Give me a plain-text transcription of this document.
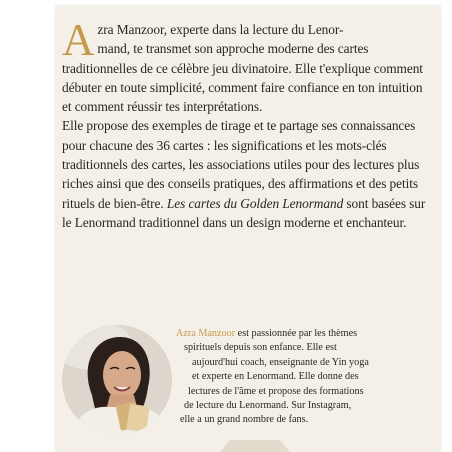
Azra Manzoor, experte dans la lecture du Lenor-
mand, te transmet son approche moderne des cartes traditionnelles de ce célèbre jeu divinatoire. Elle t'explique comment débuter en toute simplicité, comment faire confiance en ton intuition et comment réussir tes interprétations.

Elle propose des exemples de tirage et te partage ses connaissances pour chacune des 36 cartes : les significations et les mots-clés traditionnels des cartes, les associations utiles pour des lectures plus riches ainsi que des conseils pratiques, des affirmations et des petits rituels de bien-être. Les cartes du Golden Lenormand sont basées sur le Lenormand traditionnel dans un design moderne et enchanteur.

Azra Manzoor est passionnée par les thèmes
spirituels depuis son enfance. Elle est
aujourd'hui coach, enseignante de Yin yoga
et experte en Lenormand. Elle donne des
lectures de l'âme et propose des formations
de lecture du Lenormand. Sur Instagram,
elle a un grand nombre de fans.
